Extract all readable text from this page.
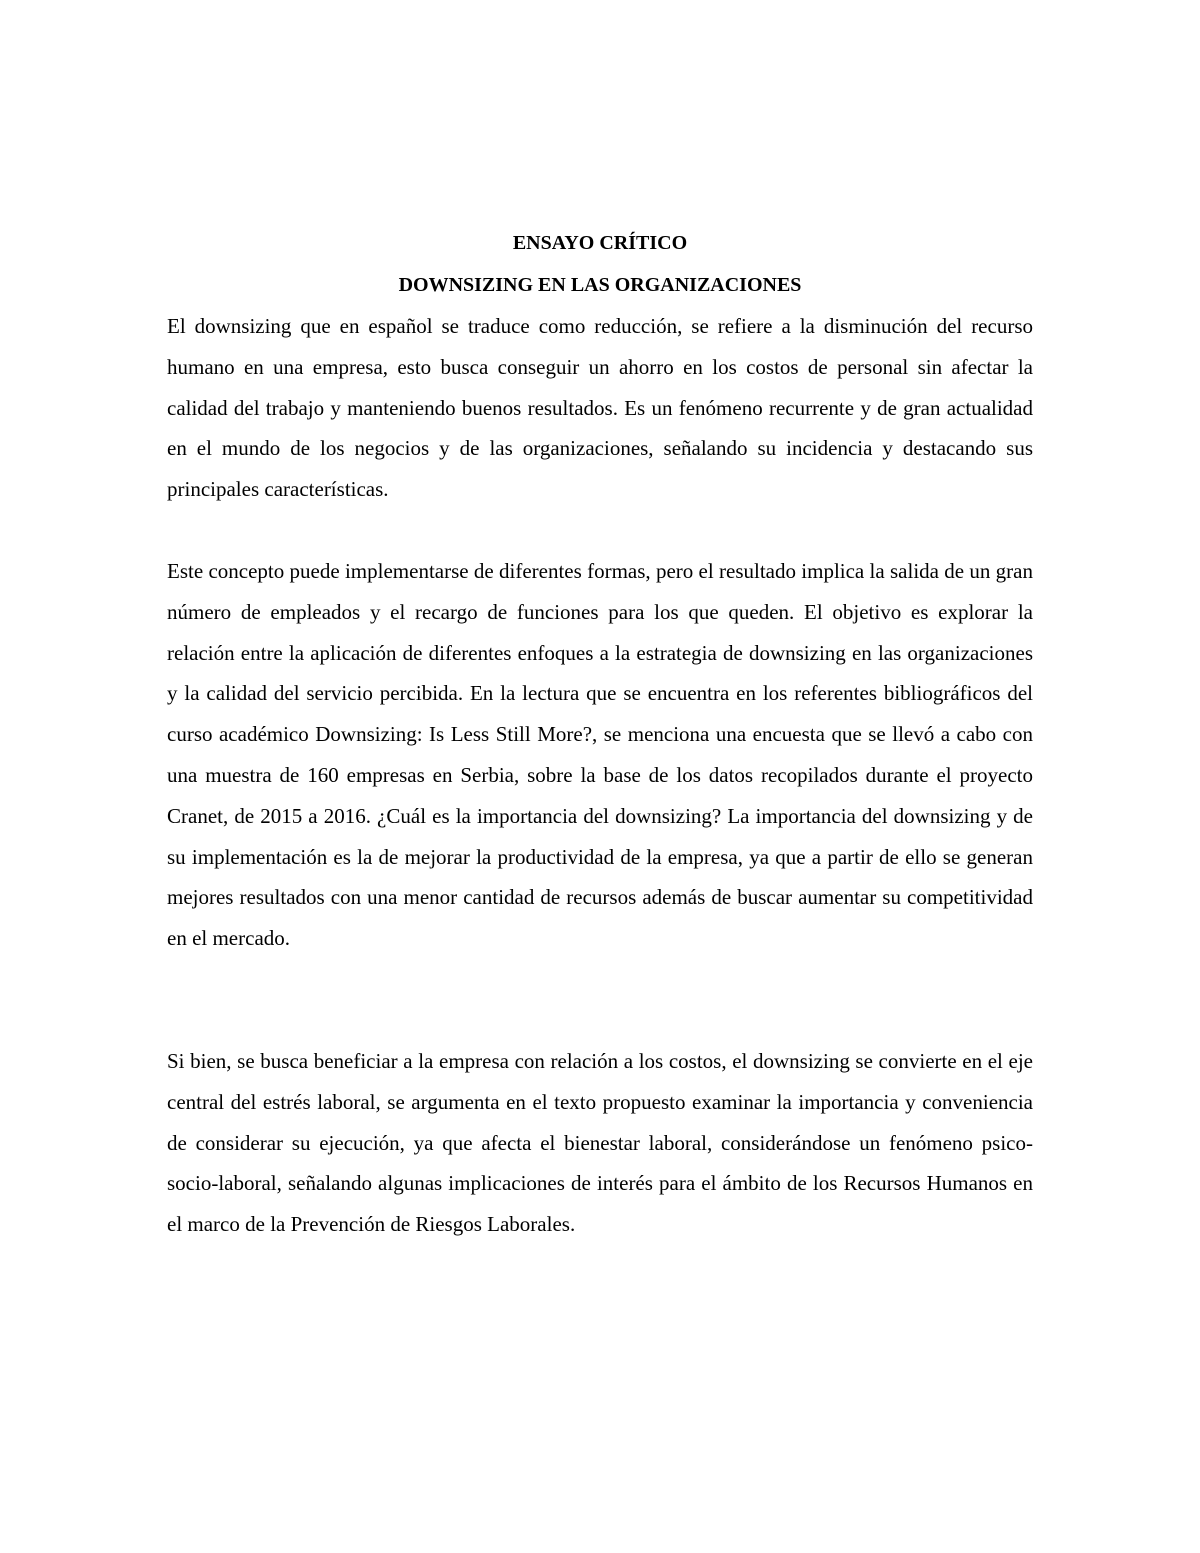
ENSAYO CRÍTICO
DOWNSIZING EN LAS ORGANIZACIONES

El downsizing que en español se traduce como reducción, se refiere a la disminución del recurso humano en una empresa, esto busca conseguir un ahorro en los costos de personal sin afectar la calidad del trabajo y manteniendo buenos resultados. Es un fenómeno recurrente y de gran actualidad en el mundo de los negocios y de las organizaciones, señalando su incidencia y destacando sus principales características.

Este concepto puede implementarse de diferentes formas, pero el resultado implica la salida de un gran número de empleados y el recargo de funciones para los que queden. El objetivo es explorar la relación entre la aplicación de diferentes enfoques a la estrategia de downsizing en las organizaciones y la calidad del servicio percibida. En la lectura que se encuentra en los referentes bibliográficos del curso académico Downsizing: Is Less Still More?, se menciona una encuesta que se llevó a cabo con una muestra de 160 empresas en Serbia, sobre la base de los datos recopilados durante el proyecto Cranet, de 2015 a 2016. ¿Cuál es la importancia del downsizing? La importancia del downsizing y de su implementación es la de mejorar la productividad de la empresa, ya que a partir de ello se generan mejores resultados con una menor cantidad de recursos además de buscar aumentar su competitividad en el mercado.

Si bien, se busca beneficiar a la empresa con relación a los costos, el downsizing se convierte en el eje central del estrés laboral, se argumenta en el texto propuesto examinar la importancia y conveniencia de considerar su ejecución, ya que afecta el bienestar laboral, considerándose un fenómeno psico-socio-laboral, señalando algunas implicaciones de interés para el ámbito de los Recursos Humanos en el marco de la Prevención de Riesgos Laborales.
